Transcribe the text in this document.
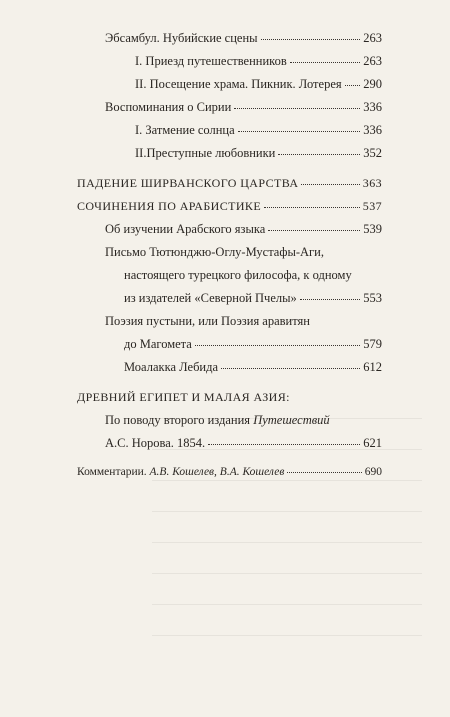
Эбсамбул. Нубийские сцены	263
I. Приезд путешественников	263
II. Посещение храма. Пикник. Лотерея 290
Воспоминания о Сирии	336
I. Затмение солнца	336
II.Преступные любовники	352
ПАДЕНИЕ ШИРВАНСКОГО ЦАРСТВА	363
СОЧИНЕНИЯ ПО АРАБИСТИКЕ	537
Об изучении Арабского языка	539
Письмо Тютюнджю-Оглу-Мустафы-Аги,
настоящего турецкого философа, к одному
из издателей «Северной Пчелы»	553
Поэзия пустыни, или Поэзия аравитян
до Магомета	579
Моалакка Лебида	612
ДРЕВНИЙ ЕГИПЕТ И МАЛАЯ АЗИЯ:
По поводу второго издания Путешествий
А.С. Норова. 1854.	621
Комментарии. А.В. Кошелев, В.А. Кошелев	690
